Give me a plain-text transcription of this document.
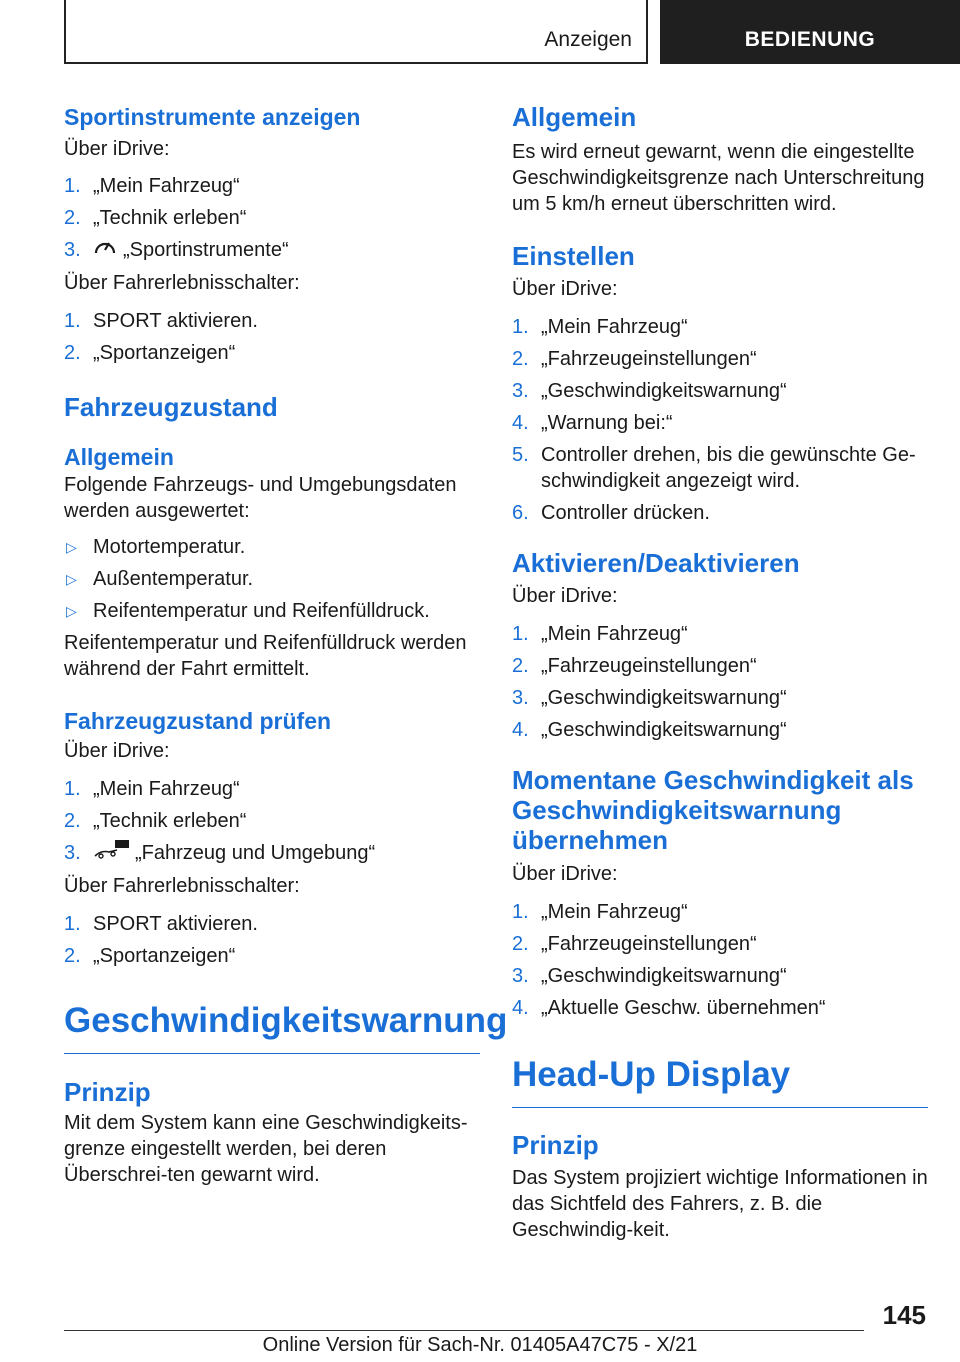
Anzeigen	BEDIENUNG
Sportinstrumente anzeigen

Über iDrive:

1. „Mein Fahrzeug“
2. „Technik erleben“
3. „Sportinstrumente“

Über Fahrerlebnisschalter:

1. SPORT aktivieren.
2. „Sportanzeigen“
Fahrzeugzustand
Allgemein

Folgende Fahrzeugs- und Umgebungsdaten werden ausgewertet:

▷ Motortemperatur.
▷ Außentemperatur.
▷ Reifentemperatur und Reifenfülldruck.

Reifentemperatur und Reifenfülldruck werden während der Fahrt ermittelt.

Fahrzeugzustand prüfen

Über iDrive:

1. „Mein Fahrzeug“
2. „Technik erleben“
3.	„Fahrzeug und Umgebung“

Über Fahrerlebnisschalter:

1. SPORT aktivieren.
2. „Sportanzeigen“
Geschwindigkeitswarnung
Prinzip

Mit dem System kann eine Geschwindigkeits-grenze eingestellt werden, bei deren Überschrei-ten gewarnt wird.

Allgemein

Es wird erneut gewarnt, wenn die eingestellte Geschwindigkeitsgrenze nach Unterschreitung um 5 km/h erneut überschritten wird.

Einstellen

Über iDrive:

1. „Mein Fahrzeug“
2. „Fahrzeugeinstellungen“
3. „Geschwindigkeitswarnung“
4. „Warnung bei:“
5. Controller drehen, bis die gewünschte Ge-schwindigkeit angezeigt wird.
6. Controller drücken.
Aktivieren/Deaktivieren

Über iDrive:

1. „Mein Fahrzeug“
2. „Fahrzeugeinstellungen“
3. „Geschwindigkeitswarnung“
4. „Geschwindigkeitswarnung“
Momentane Geschwindigkeit als Geschwindigkeitswarnung übernehmen

Über iDrive:

1. „Mein Fahrzeug“
2. „Fahrzeugeinstellungen“
3. „Geschwindigkeitswarnung“
4. „Aktuelle Geschw. übernehmen“
Head-Up Display
Prinzip

Das System projiziert wichtige Informationen in das Sichtfeld des Fahrers, z. B. die Geschwindig-keit.

145
Online Version für Sach-Nr. 01405A47C75 - X/21
